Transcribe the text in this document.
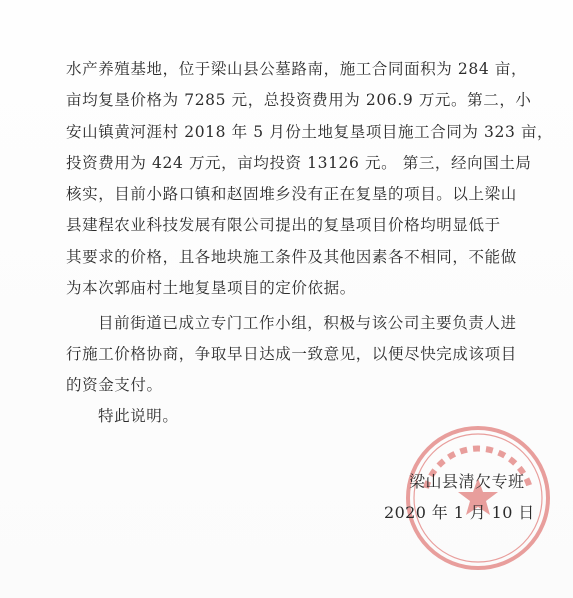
水产养殖基地，位于梁山县公墓路南，施工合同面积为 284 亩，
亩均复垦价格为 7285 元，总投资费用为 206.9 万元。第二，小
安山镇黄河涯村 2018 年 5 月份土地复垦项目施工合同为 323 亩，
投资费用为 424 万元，亩均投资 13126 元。 第三，经向国土局
核实，目前小路口镇和赵固堆乡没有正在复垦的项目。以上梁山
县建程农业科技发展有限公司提出的复垦项目价格均明显低于
其要求的价格，且各地块施工条件及其他因素各不相同，不能做
为本次郭庙村土地复垦项目的定价依据。
目前街道已成立专门工作小组，积极与该公司主要负责人进
行施工价格协商，争取早日达成一致意见，以便尽快完成该项目
的资金支付。
特此说明。
梁山县清欠专班
2020 年 1 月 10 日
